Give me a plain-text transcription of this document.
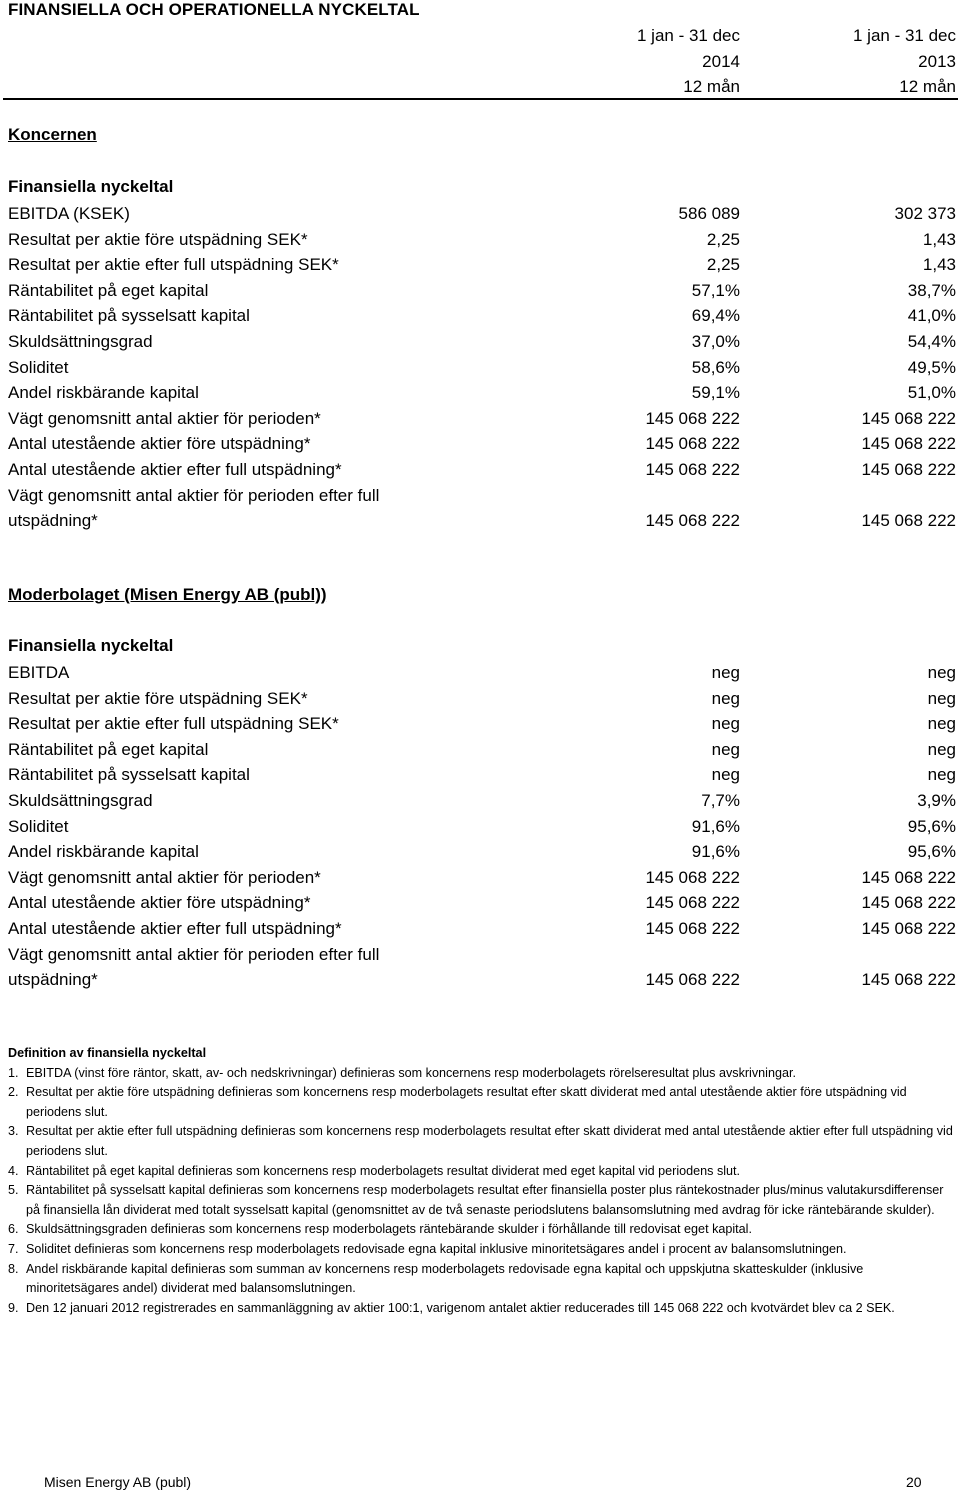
FINANSIELLA OCH OPERATIONELLA NYCKELTAL
1 jan - 31 dec
2014
12 mån
1 jan - 31 dec
2013
12 mån
Koncernen
Finansiella nyckeltal
EBITDA (KSEK)	586 089	302 373
Resultat per aktie före utspädning SEK*	2,25	1,43
Resultat per aktie efter full utspädning SEK*	2,25	1,43
Räntabilitet på eget kapital	57,1%	38,7%
Räntabilitet på sysselsatt kapital	69,4%	41,0%
Skuldsättningsgrad	37,0%	54,4%
Soliditet	58,6%	49,5%
Andel riskbärande kapital	59,1%	51,0%
Vägt genomsnitt antal aktier för perioden*	145 068 222	145 068 222
Antal utestående aktier före utspädning*	145 068 222	145 068 222
Antal utestående aktier efter full utspädning*	145 068 222	145 068 222
Vägt genomsnitt antal aktier för perioden efter full utspädning*	145 068 222	145 068 222
Moderbolaget (Misen Energy AB (publ))
Finansiella nyckeltal
EBITDA	neg	neg
Resultat per aktie före utspädning SEK*	neg	neg
Resultat per aktie efter full utspädning SEK*	neg	neg
Räntabilitet på eget kapital	neg	neg
Räntabilitet på sysselsatt kapital	neg	neg
Skuldsättningsgrad	7,7%	3,9%
Soliditet	91,6%	95,6%
Andel riskbärande kapital	91,6%	95,6%
Vägt genomsnitt antal aktier för perioden*	145 068 222	145 068 222
Antal utestående aktier före utspädning*	145 068 222	145 068 222
Antal utestående aktier efter full utspädning*	145 068 222	145 068 222
Vägt genomsnitt antal aktier för perioden efter full utspädning*	145 068 222	145 068 222
Definition av finansiella nyckeltal
1. EBITDA (vinst före räntor, skatt, av- och nedskrivningar) definieras som koncernens resp moderbolagets rörelseresultat plus avskrivningar.
2. Resultat per aktie före utspädning definieras som koncernens resp moderbolagets resultat efter skatt dividerat med antal utestående aktier före utspädning vid periodens slut.
3. Resultat per aktie efter full utspädning definieras som koncernens resp moderbolagets resultat efter skatt dividerat med antal utestående aktier efter full utspädning vid periodens slut.
4. Räntabilitet på eget kapital definieras som koncernens resp moderbolagets resultat dividerat med eget kapital vid periodens slut.
5. Räntabilitet på sysselsatt kapital definieras som koncernens resp moderbolagets resultat efter finansiella poster plus räntekostnader plus/minus valutakursdifferenser på finansiella lån dividerat med totalt sysselsatt kapital (genomsnittet av de två senaste periodslutens balansomslutning med avdrag för icke räntebärande skulder).
6. Skuldsättningsgraden definieras som koncernens resp moderbolagets räntebärande skulder i förhållande till redovisat eget kapital.
7. Soliditet definieras som koncernens resp moderbolagets redovisade egna kapital inklusive minoritetsägares andel i procent av balansomslutningen.
8. Andel riskbärande kapital definieras som summan av koncernens resp moderbolagets redovisade egna kapital och uppskjutna skatteskulder (inklusive minoritetsägares andel) dividerat med balansomslutningen.
9. Den 12 januari 2012 registrerades en sammanläggning av aktier 100:1, varigenom antalet aktier reducerades till 145 068 222 och kvotvärdet blev ca 2 SEK.
Misen Energy AB (publ)	20
